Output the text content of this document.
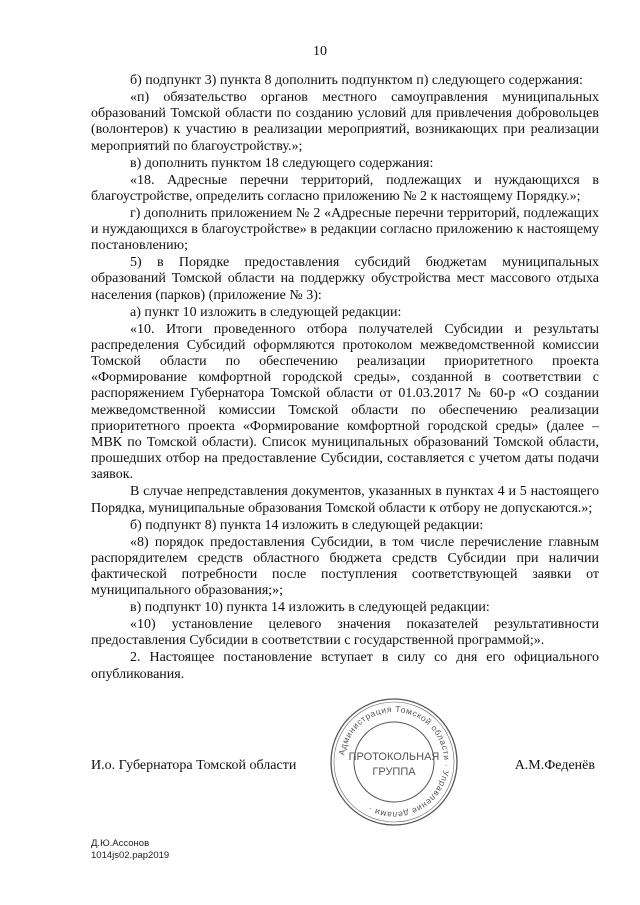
10

б) подпункт 3) пункта 8 дополнить подпунктом п) следующего содержания:

«п) обязательство органов местного самоуправления муниципальных образований Томской области по созданию условий для привлечения добровольцев (волонтеров) к участию в реализации мероприятий, возникающих при реализации мероприятий по благоустройству.»;

в) дополнить пунктом 18 следующего содержания:

«18. Адресные перечни территорий, подлежащих и нуждающихся в благоустройстве, определить согласно приложению № 2 к настоящему Порядку.»;

г) дополнить приложением № 2 «Адресные перечни территорий, подлежащих и нуждающихся в благоустройстве» в редакции согласно приложению к настоящему постановлению;

5) в Порядке предоставления субсидий бюджетам муниципальных образований Томской области на поддержку обустройства мест массового отдыха населения (парков) (приложение № 3):

а) пункт 10 изложить в следующей редакции:

«10. Итоги проведенного отбора получателей Субсидии и результаты распределения Субсидий оформляются протоколом межведомственной комиссии Томской области по обеспечению реализации приоритетного проекта «Формирование комфортной городской среды», созданной в соответствии с распоряжением Губернатора Томской области от 01.03.2017 № 60-р «О создании межведомственной комиссии Томской области по обеспечению реализации приоритетного проекта «Формирование комфортной городской среды» (далее – МВК по Томской области). Список муниципальных образований Томской области, прошедших отбор на предоставление Субсидии, составляется с учетом даты подачи заявок.

В случае непредставления документов, указанных в пунктах 4 и 5 настоящего Порядка, муниципальные образования Томской области к отбору не допускаются.»;

б) подпункт 8) пункта 14 изложить в следующей редакции:

«8) порядок предоставления Субсидии, в том числе перечисление главным распорядителем средств областного бюджета средств Субсидии при наличии фактической потребности после поступления соответствующей заявки от муниципального образования;»;

в) подпункт 10) пункта 14 изложить в следующей редакции:

«10) установление целевого значения показателей результативности предоставления Субсидии в соответствии с государственной программой;».

2. Настоящее постановление вступает в силу со дня его официального опубликования.

И.о. Губернатора Томской области	А.М.Феденёв
Администрация Томской области · Управление делами ·
ПРОТОКОЛЬНАЯ
ГРУППА
Д.Ю.Ассонов
1014js02.pap2019
